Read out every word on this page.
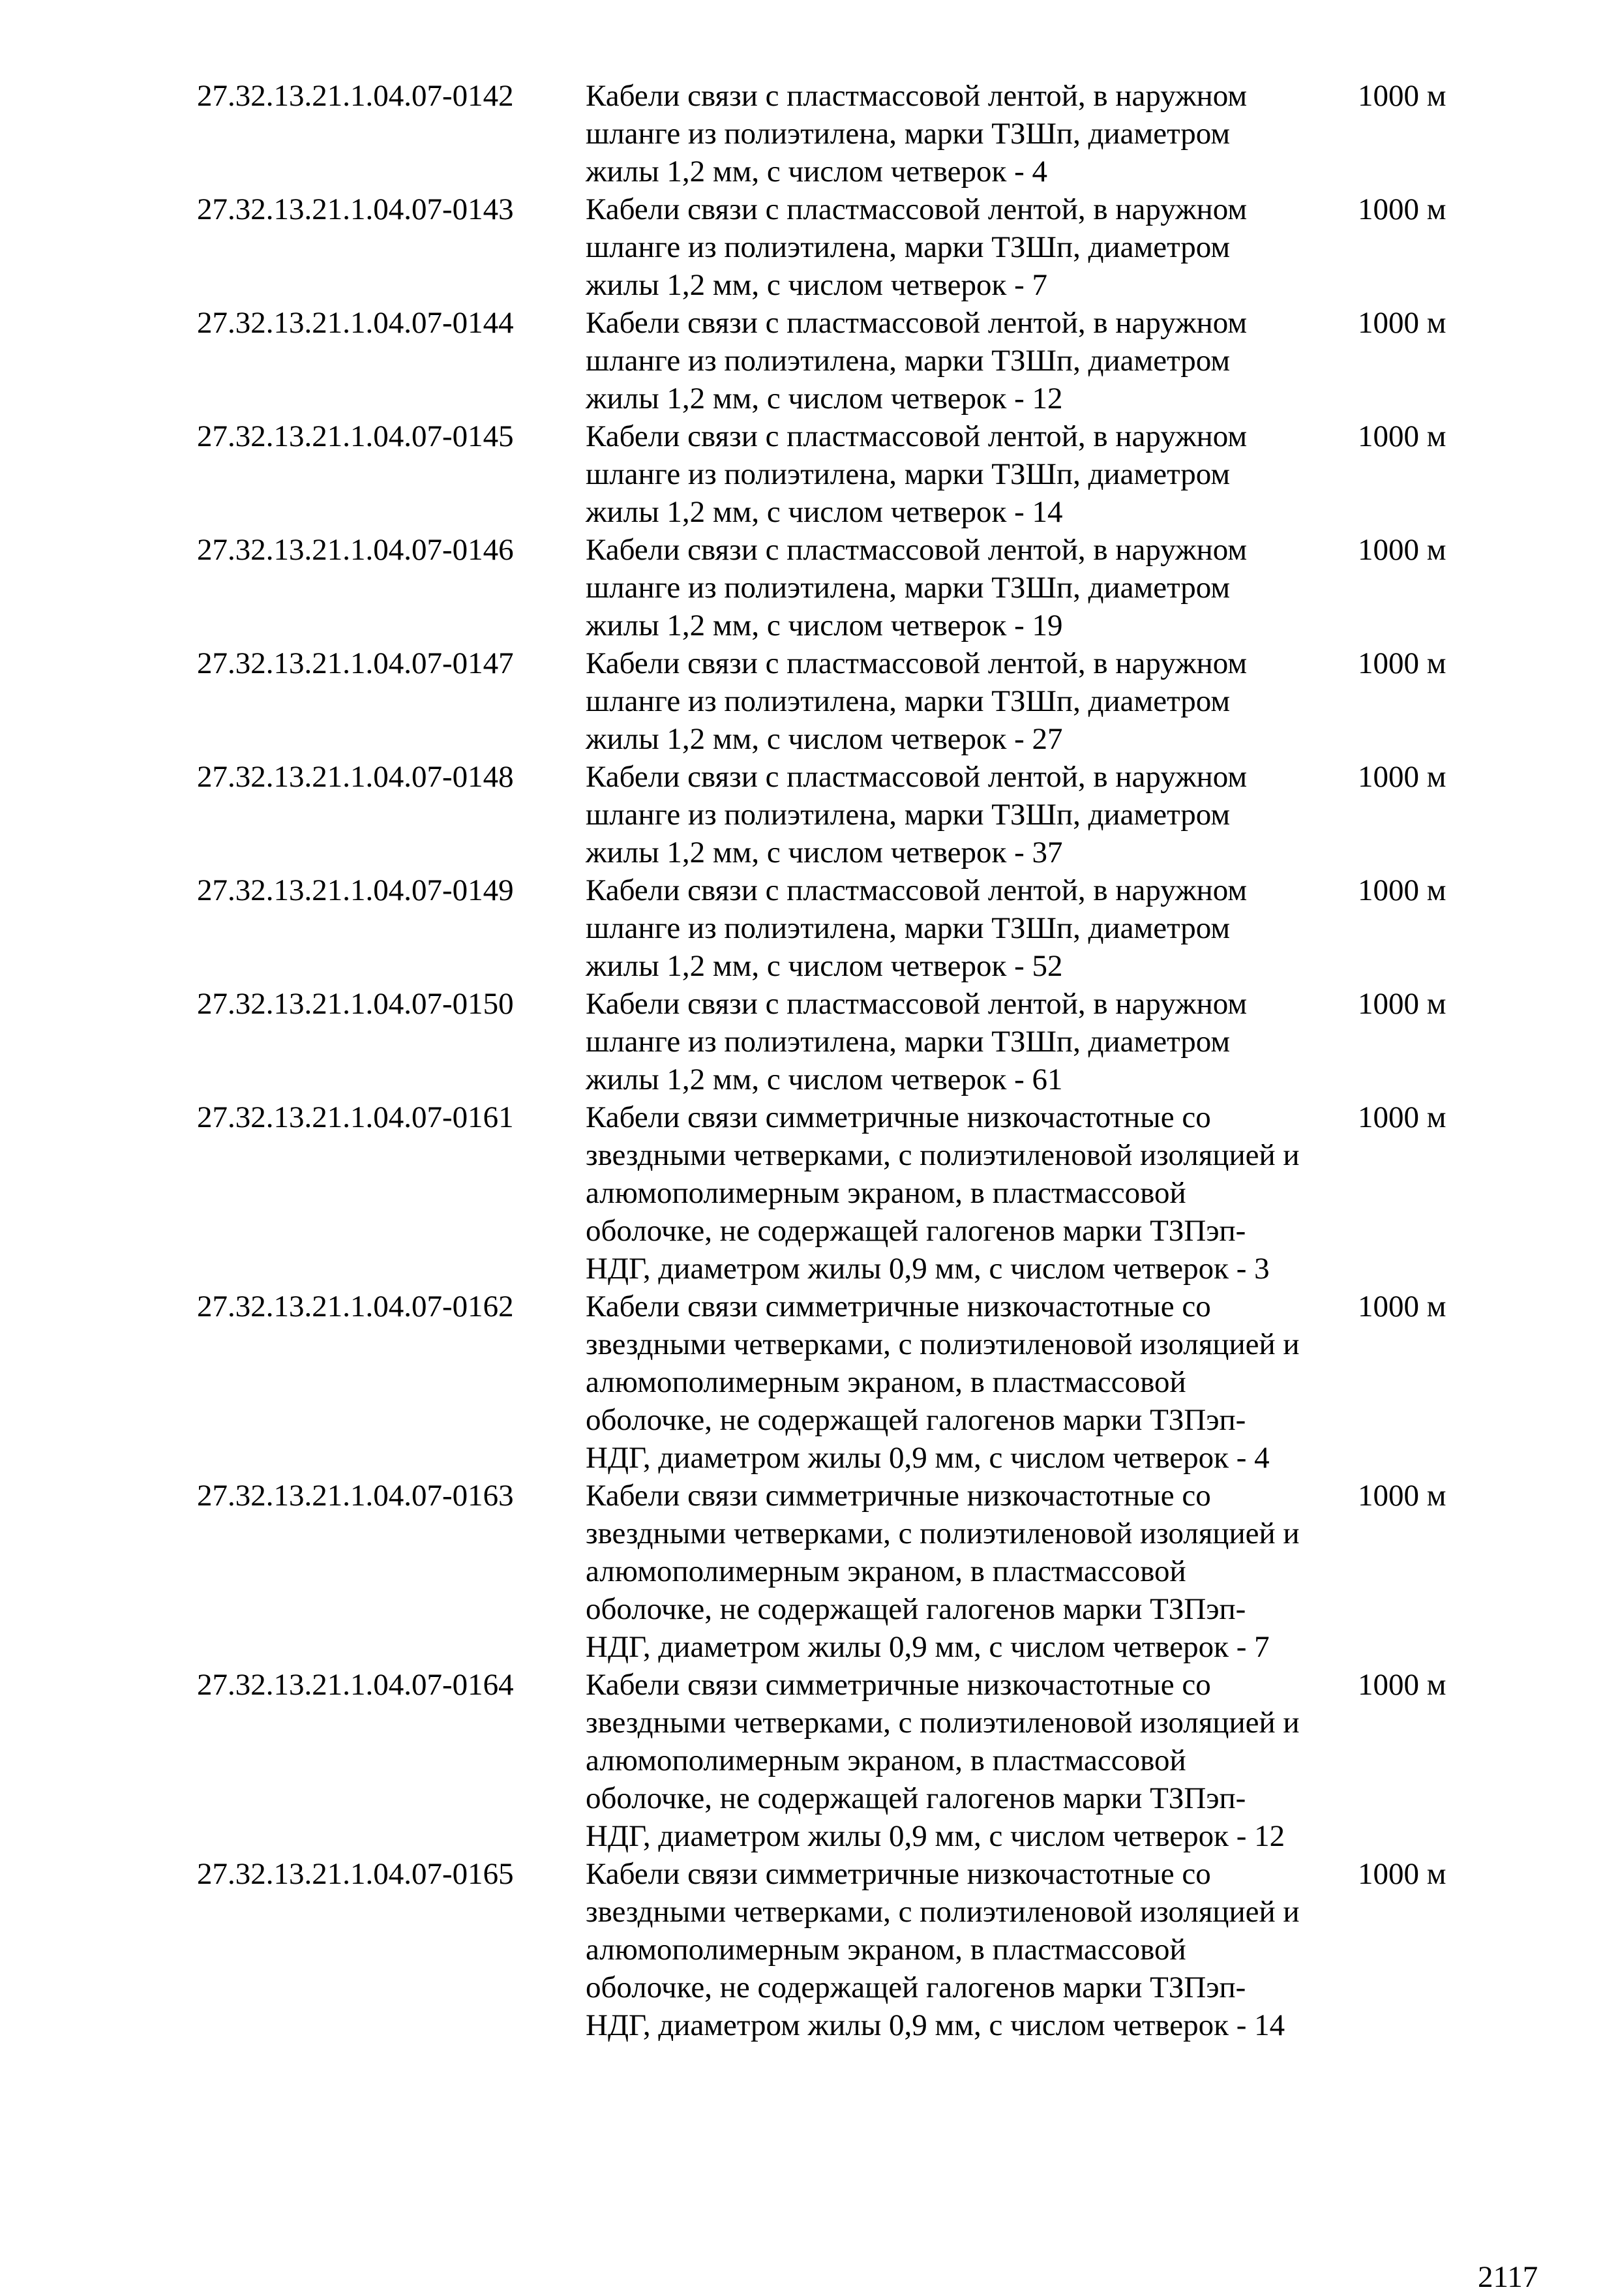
27.32.13.21.1.04.07-0142	Кабели связи с пластмассовой лентой, в наружном
шланге из полиэтилена, марки ТЗШп, диаметром
жилы 1,2 мм, с числом четверок - 4
1000 м
27.32.13.21.1.04.07-0143	Кабели связи с пластмассовой лентой, в наружном
шланге из полиэтилена, марки ТЗШп, диаметром
жилы 1,2 мм, с числом четверок - 7
1000 м
27.32.13.21.1.04.07-0144	Кабели связи с пластмассовой лентой, в наружном
шланге из полиэтилена, марки ТЗШп, диаметром
жилы 1,2 мм, с числом четверок - 12
1000 м
27.32.13.21.1.04.07-0145	Кабели связи с пластмассовой лентой, в наружном
шланге из полиэтилена, марки ТЗШп, диаметром
жилы 1,2 мм, с числом четверок - 14
1000 м
27.32.13.21.1.04.07-0146	Кабели связи с пластмассовой лентой, в наружном
шланге из полиэтилена, марки ТЗШп, диаметром
жилы 1,2 мм, с числом четверок - 19
1000 м
27.32.13.21.1.04.07-0147	Кабели связи с пластмассовой лентой, в наружном
шланге из полиэтилена, марки ТЗШп, диаметром
жилы 1,2 мм, с числом четверок - 27
1000 м
27.32.13.21.1.04.07-0148	Кабели связи с пластмассовой лентой, в наружном
шланге из полиэтилена, марки ТЗШп, диаметром
жилы 1,2 мм, с числом четверок - 37
1000 м
27.32.13.21.1.04.07-0149	Кабели связи с пластмассовой лентой, в наружном
шланге из полиэтилена, марки ТЗШп, диаметром
жилы 1,2 мм, с числом четверок - 52
1000 м
27.32.13.21.1.04.07-0150	Кабели связи с пластмассовой лентой, в наружном
шланге из полиэтилена, марки ТЗШп, диаметром
жилы 1,2 мм, с числом четверок - 61
1000 м
27.32.13.21.1.04.07-0161	Кабели связи симметричные низкочастотные со
звездными четверками, с полиэтиленовой изоляцией и
алюмополимерным экраном, в пластмассовой
оболочке, не содержащей галогенов марки ТЗПэп-
НДГ, диаметром жилы 0,9 мм, с числом четверок - 3
1000 м
27.32.13.21.1.04.07-0162	Кабели связи симметричные низкочастотные со
звездными четверками, с полиэтиленовой изоляцией и
алюмополимерным экраном, в пластмассовой
оболочке, не содержащей галогенов марки ТЗПэп-
НДГ, диаметром жилы 0,9 мм, с числом четверок - 4
1000 м
27.32.13.21.1.04.07-0163	Кабели связи симметричные низкочастотные со
звездными четверками, с полиэтиленовой изоляцией и
алюмополимерным экраном, в пластмассовой
оболочке, не содержащей галогенов марки ТЗПэп-
НДГ, диаметром жилы 0,9 мм, с числом четверок - 7
1000 м
27.32.13.21.1.04.07-0164	Кабели связи симметричные низкочастотные со
звездными четверками, с полиэтиленовой изоляцией и
алюмополимерным экраном, в пластмассовой
оболочке, не содержащей галогенов марки ТЗПэп-
НДГ, диаметром жилы 0,9 мм, с числом четверок - 12
1000 м
27.32.13.21.1.04.07-0165	Кабели связи симметричные низкочастотные со
звездными четверками, с полиэтиленовой изоляцией и
алюмополимерным экраном, в пластмассовой
оболочке, не содержащей галогенов марки ТЗПэп-
НДГ, диаметром жилы 0,9 мм, с числом четверок - 14
1000 м
2117
